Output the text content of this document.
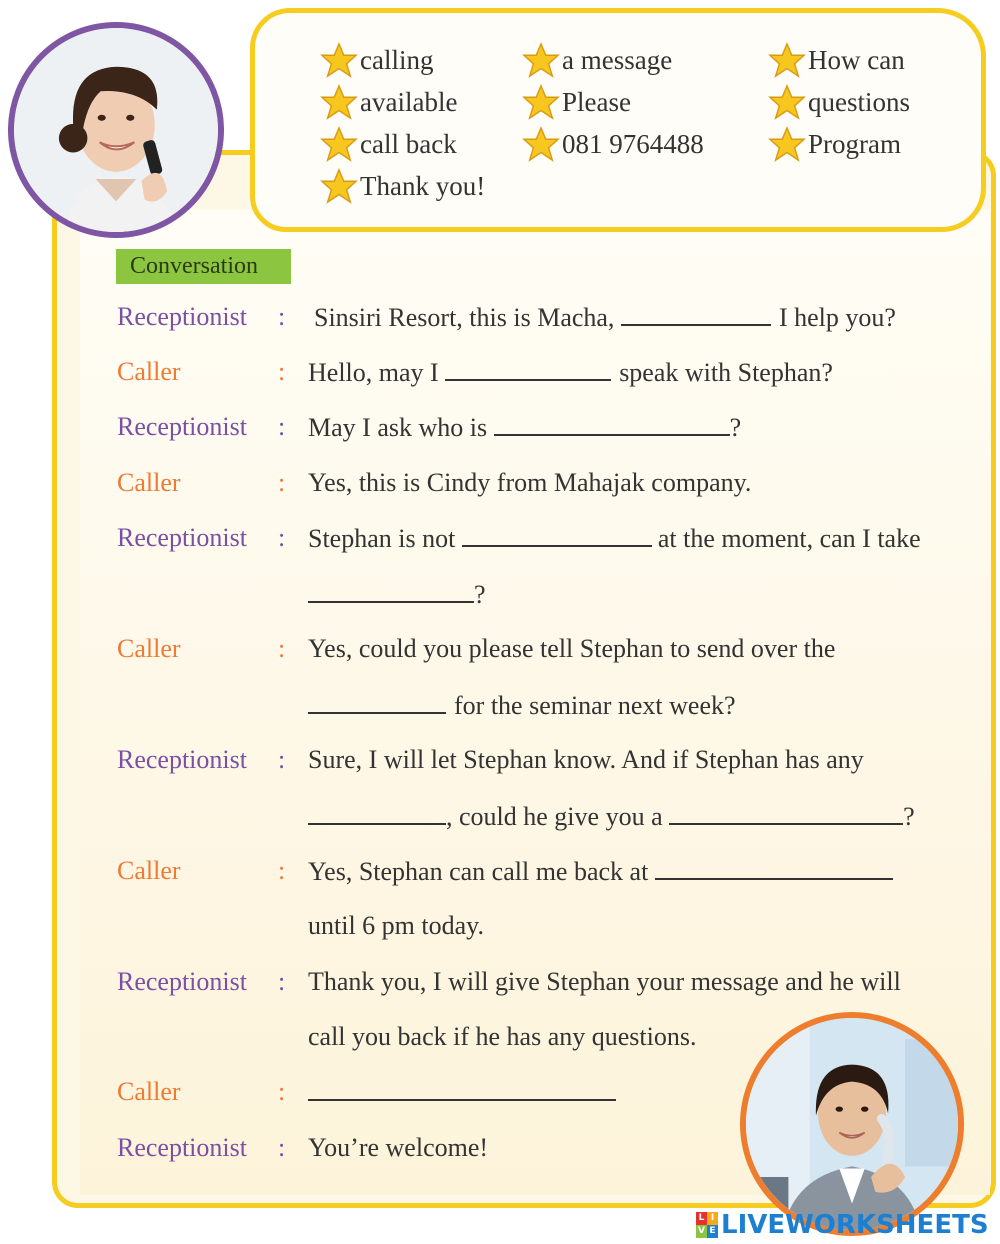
calling	a message	How can
available	Please	questions
call back	081 9764488	Program
Thank you!
Conversation
Receptionist : Sinsiri Resort, this is Macha,	I help you?
Caller	: Hello, may I	speak with Stephan?
Receptionist : May I ask who is	?
Caller	: Yes, this is Cindy from Mahajak company.
Receptionist : Stephan is not	at the moment, can I take
?
Caller	: Yes, could you please tell Stephan to send over the
for the seminar next week?
Receptionist : Sure, I will let Stephan know. And if Stephan has any
, could he give you a	?
Caller	: Yes, Stephan can call me back at
until 6 pm today.
Receptionist : Thank you, I will give Stephan your message and he will
call you back if he has any questions.
Caller	:
Receptionist : You’re welcome!
L I
V E LIVEWORKSHEETS
